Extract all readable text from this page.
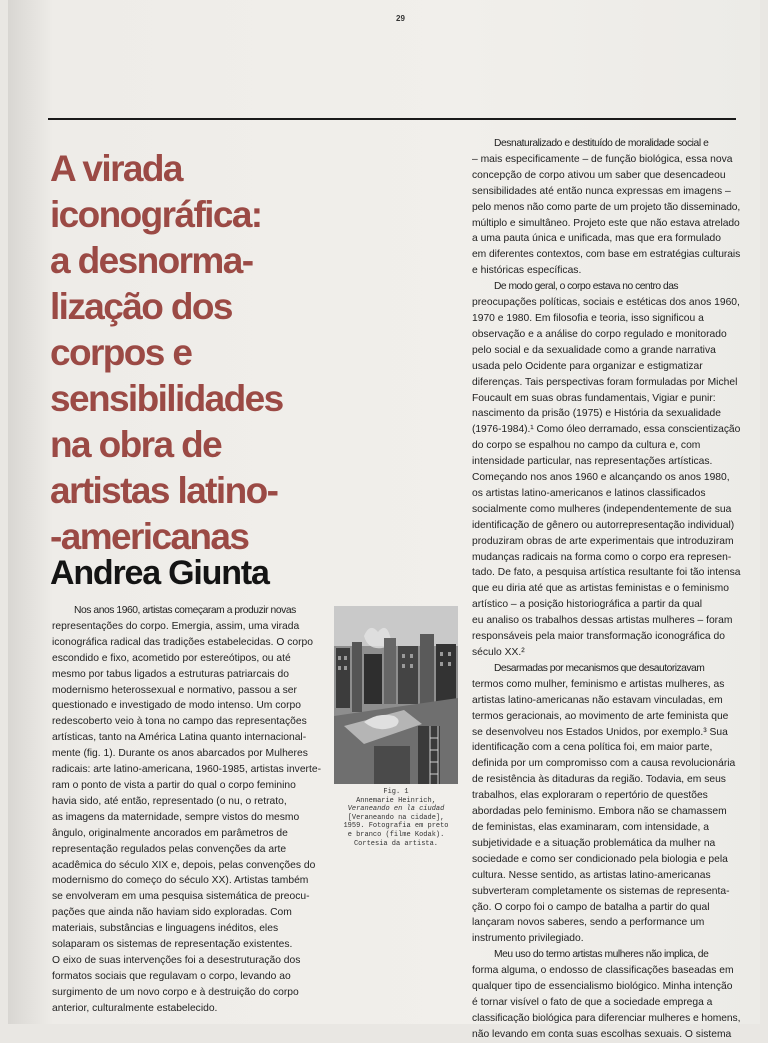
29
A virada
iconográfica:
a desnorma-
lização dos
corpos e
sensibilidades
na obra de
artistas latino-
-americanas
Andrea Giunta
Nos anos 1960, artistas começaram a produzir novas
representações do corpo. Emergia, assim, uma virada
iconográfica radical das tradições estabelecidas. O corpo
escondido e fixo, acometido por estereótipos, ou até
mesmo por tabus ligados a estruturas patriarcais do
modernismo heterossexual e normativo, passou a ser
questionado e investigado de modo intenso. Um corpo
redescoberto veio à tona no campo das representações
artísticas, tanto na América Latina quanto internacional-
mente (fig. 1). Durante os anos abarcados por Mulheres
radicais: arte latino-americana, 1960-1985, artistas inverte-
ram o ponto de vista a partir do qual o corpo feminino
havia sido, até então, representado (o nu, o retrato,
as imagens da maternidade, sempre vistos do mesmo
ângulo, originalmente ancorados em parâmetros de
representação regulados pelas convenções da arte
acadêmica do século XIX e, depois, pelas convenções do
modernismo do começo do século XX). Artistas também
se envolveram em uma pesquisa sistemática de preocu-
pações que ainda não haviam sido exploradas. Com
materiais, substâncias e linguagens inéditos, eles
solaparam os sistemas de representação existentes.
O eixo de suas intervenções foi a desestruturação dos
formatos sociais que regulavam o corpo, levando ao
surgimento de um novo corpo e à destruição do corpo
anterior, culturalmente estabelecido.
Fig. 1
Annemarie Heinrich,
Veraneando en la ciudad
[Veraneando na cidade],
1959. Fotografia em preto
e branco (filme Kodak).
Cortesia da artista.
Desnaturalizado e destituído de moralidade social e
– mais especificamente – de função biológica, essa nova
concepção de corpo ativou um saber que desencadeou
sensibilidades até então nunca expressas em imagens –
pelo menos não como parte de um projeto tão disseminado,
múltiplo e simultâneo. Projeto este que não estava atrelado
a uma pauta única e unificada, mas que era formulado
em diferentes contextos, com base em estratégias culturais
e históricas específicas.
De modo geral, o corpo estava no centro das
preocupações políticas, sociais e estéticas dos anos 1960,
1970 e 1980. Em filosofia e teoria, isso significou a
observação e a análise do corpo regulado e monitorado
pelo social e da sexualidade como a grande narrativa
usada pelo Ocidente para organizar e estigmatizar
diferenças. Tais perspectivas foram formuladas por Michel
Foucault em suas obras fundamentais, Vigiar e punir:
nascimento da prisão (1975) e História da sexualidade
(1976-1984).¹ Como óleo derramado, essa conscientização
do corpo se espalhou no campo da cultura e, com
intensidade particular, nas representações artísticas.
Começando nos anos 1960 e alcançando os anos 1980,
os artistas latino-americanos e latinos classificados
socialmente como mulheres (independentemente de sua
identificação de gênero ou autorrepresentação individual)
produziram obras de arte experimentais que introduziram
mudanças radicais na forma como o corpo era represen-
tado. De fato, a pesquisa artística resultante foi tão intensa
que eu diria até que as artistas feministas e o feminismo
artístico – a posição historiográfica a partir da qual
eu analiso os trabalhos dessas artistas mulheres – foram
responsáveis pela maior transformação iconográfica do
século XX.²
Desarmadas por mecanismos que desautorizavam
termos como mulher, feminismo e artistas mulheres, as
artistas latino-americanas não estavam vinculadas, em
termos geracionais, ao movimento de arte feminista que
se desenvolveu nos Estados Unidos, por exemplo.³ Sua
identificação com a cena política foi, em maior parte,
definida por um compromisso com a causa revolucionária
de resistência às ditaduras da região. Todavia, em seus
trabalhos, elas exploraram o repertório de questões
abordadas pelo feminismo. Embora não se chamassem
de feministas, elas examinaram, com intensidade, a
subjetividade e a situação problemática da mulher na
sociedade e como ser condicionado pela biologia e pela
cultura. Nesse sentido, as artistas latino-americanas
subverteram completamente os sistemas de representa-
ção. O corpo foi o campo de batalha a partir do qual
lançaram novos saberes, sendo a performance um
instrumento privilegiado.
Meu uso do termo artistas mulheres não implica, de
forma alguma, o endosso de classificações baseadas em
qualquer tipo de essencialismo biológico. Minha intenção
é tornar visível o fato de que a sociedade emprega a
classificação biológica para diferenciar mulheres e homens,
não levando em conta suas escolhas sexuais. O sistema
